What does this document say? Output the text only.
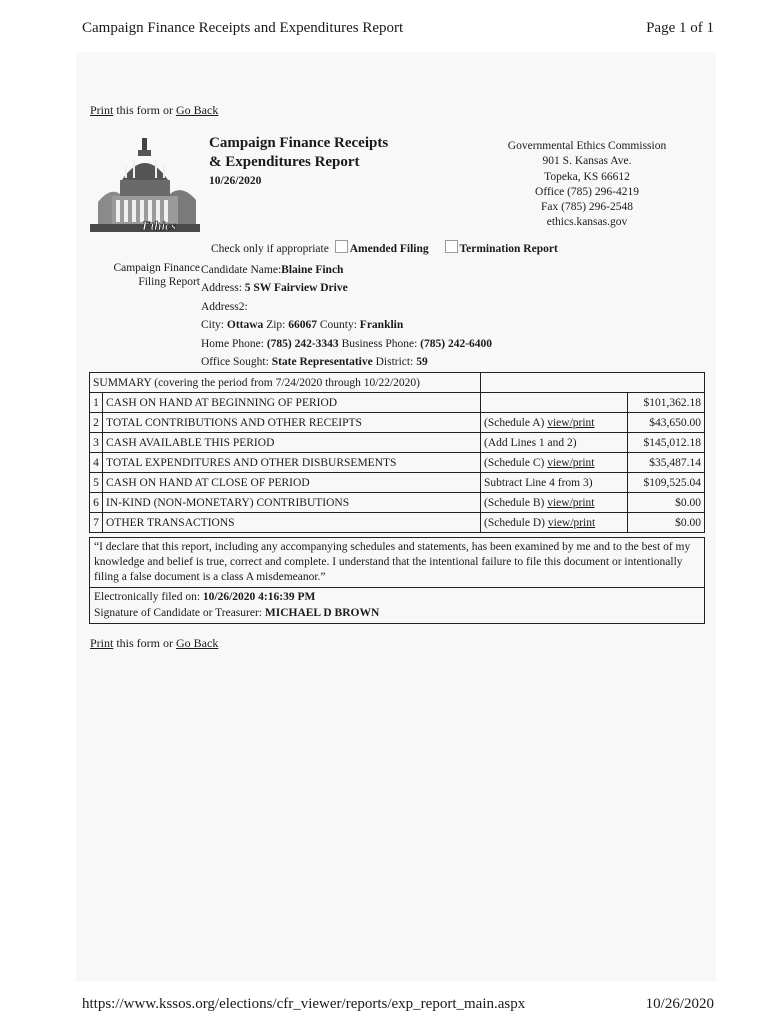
Campaign Finance Receipts and Expenditures Report	Page 1 of 1
Print this form or Go Back
Ethics
Campaign Finance Receipts
& Expenditures Report
10/26/2020
Governmental Ethics Commission
901 S. Kansas Ave.
Topeka, KS 66612
Office (785) 296-4219
Fax (785) 296-2548
ethics.kansas.gov
Check only if appropriate Amended Filing	Termination Report
Campaign Finance
Filing Report
Candidate Name:Blaine Finch
Address: 5 SW Fairview Drive
Address2:
City: Ottawa Zip: 66067 County: Franklin
Home Phone: (785) 242-3343 Business Phone: (785) 242-6400
Office Sought: State Representative District: 59
SUMMARY (covering the period from 7/24/2020 through 10/22/2020)			
1	CASH ON HAND AT BEGINNING OF PERIOD		$101,362.18
2	TOTAL CONTRIBUTIONS AND OTHER RECEIPTS	(Schedule A) view/print	$43,650.00
3	CASH AVAILABLE THIS PERIOD	(Add Lines 1 and 2)	$145,012.18
4	TOTAL EXPENDITURES AND OTHER DISBURSEMENTS	(Schedule C) view/print	$35,487.14
5	CASH ON HAND AT CLOSE OF PERIOD	Subtract Line 4 from 3)	$109,525.04
6	IN-KIND (NON-MONETARY) CONTRIBUTIONS	(Schedule B) view/print	$0.00
7	OTHER TRANSACTIONS	(Schedule D) view/print	$0.00
“I declare that this report, including any accompanying schedules and statements, has been examined by me and to the best of my knowledge and belief is true, correct and complete. I understand that the intentional failure to file this document or intentionally filing a false document is a class A misdemeanor.”
Electronically filed on: 10/26/2020 4:16:39 PM
Signature of Candidate or Treasurer: MICHAEL D BROWN
Print this form or Go Back
https://www.kssos.org/elections/cfr_viewer/reports/exp_report_main.aspx	10/26/2020
